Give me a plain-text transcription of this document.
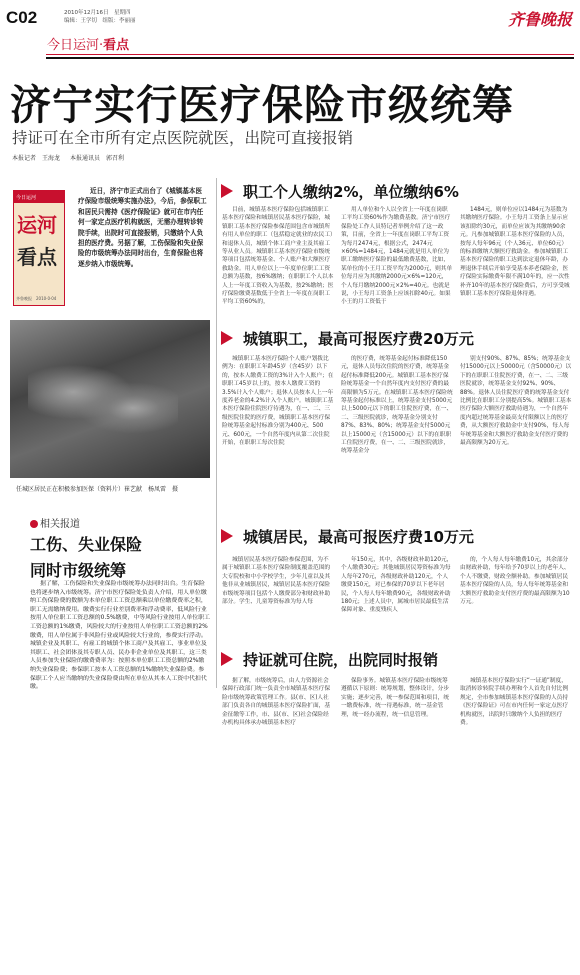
C02	2010年12月16日　星期四
编辑：王学切　组版：李丽丽	齐鲁晚报
今日运河·看点
济宁实行医疗保险市级统筹
持证可在全市所有定点医院就医，出院可直接报销
本报记者　王海龙 本报通讯员　郭召利
今日运河
运河
看点
齐鲁晚报　2010·0·04
近日，济宁市正式出台了《城镇基本医疗保险市级统筹实施办法》，今后，参保职工和居民只需持《医疗保险证》就可在市内任何一家定点医疗机构就医，无需办理转诊转院手续，出院时可直接报销，只缴纳个人负担的医疗费。另据了解，工伤保险和失业保险的市级统筹办法同时出台，生育保险也将逐步纳入市级统筹。
任城区居民正在积极参加医保（资料片）崔艺献　杨凤雷　摄
相关报道
工伤、失业保险
同时市级统筹
据了解，工伤保险和失业保险市级统筹办法同时出台。生育保险也将逐步纳入市级统筹。济宁市医疗保险处负责人介绍，用人单位缴纳工伤保险费的数额为本单位职工工资总额乘以单位缴费费率之积，职工无需缴纳费用。缴费实行行业差别费率和浮动费率，低风险行业按用人单位职工工资总额的0.5%缴费，中等风险行业按用人单位职工工资总额的1%缴费，风险较大的行业按用人单位职工工资总额的2%缴费，用人单位属于非风险行业或风险较大行业的，参费实行浮动。城镇企业及其职工、有雇工的城镇个体工商户及其雇工、事业单位及其职工、社会团体及其专职人员、民办非企业单位及其职工，这三类人员参加失业保险的缴费费率为：按照本单位职工工资总额的2%缴纳失业保险费；参保职工按本人工资总额的1%缴纳失业保险费。参保职工个人应当缴纳的失业保险费由所在单位从其本人工资中代扣代缴。
职工个人缴纳2%，单位缴纳6%
目前，城镇基本医疗保险包括城镇职工基本医疗保险和城镇居民基本医疗保险，城镇职工基本医疗保险参保范围包含市城镇所有用人单位的职工（包括稳定就业的农民工）和退休人员，城镇个体工商户业主及其雇工等从业人员。城镇职工基本医疗保险市级统筹项目包括统筹基金、个人账户和大额医疗救助金。用人单位以上一年度单位职工工资总额为基数，按6%缴纳；在职职工个人以本人上一年度工资收入为基数，按2%缴纳；医疗保险缴费基数低于全省上一年度在岗职工平均工资60%的，
用人单位和个人以全省上一年度在岗职工平均工资60%作为缴费基数。济宁市医疗保险处工作人员特记者举例介绍了这一政策，目前，全省上一年度在岗职工平均工资为每月2474元，根据公式，2474元×60%=1484元，1484元就是用人单位为职工缴纳医疗保险的最低缴费基数，比如，某单位的小王月工资平均为2000元，则其单位每月应为其缴纳2000元×6%=120元，个人每月缴纳2000元×2%=40元。也就是说，小王每月工资条上应该扣除40元。如果小王的月工资低于
1484元，则单位应以1484元为基数为其缴纳医疗保险。小王每月工资条上显示应该扣除约30元，而单位应该为其缴纳90余元。凡参加城镇职工基本医疗保险的人员，按每人每年96元（个人36元、单位60元）的标准缴纳大额医疗救助金。参加城镇职工基本医疗保险的职工达到法定退休年龄，办理退休手续后开始享受基本养老保险金，医疗保险实际缴费年限不满10年的，应一次性补齐10年的基本医疗保险费后，方可享受城镇职工基本医疗保险退休待遇。
城镇职工，最高可报医疗费20万元
城镇职工基本医疗保险个人账户划拨比例为：在职职工年龄45岁（含45岁）以下的，按本人缴费工资的3%计入个人账户；在职职工45岁以上的，按本人缴费工资的3.5%计入个人账户；退休人员按本人上一年度养老金的4.2%计入个人账户。城镇职工基本医疗保险住院医疗待遇为，在一、二、三级医院住院的医疗费，城镇职工基本医疗保险统筹基金起付标准分别为400元、500元、600元，一个自然年度内从第二次住院开始，在职职工每次住院
的医疗费，统筹基金起付标准降低150元，退休人员每次住院的医疗费，统筹基金起付标准降低200元。城镇职工基本医疗保险统筹基金一个自然年度内支付医疗费的最高限额为5万元。在城镇职工基本医疗保险统筹基金起付标准以上，统筹基金支付5000元以上5000元以下的职工住院医疗费，在一、二、三级医院就诊，统筹基金分别支付87%、83%、80%；统筹基金支付5000元以上15000元（含15000元）以下的在职职工住院医疗费，在一、二、三级医院就诊，统筹基金分
别支付90%、87%、85%；统筹基金支付15000元以上50000元（含50000元）以下的在职职工住院医疗费，在一、二、三级医院就诊，统筹基金支付92%、90%、88%。退休人员住院医疗费的统筹基金支付比例比在职职工分别提高5%。城镇职工基本医疗保险大额医疗救助待遇为，一个自然年度内超过统筹基金最高支付限额以上的医疗费，从大额医疗救助金中支付90%，每人每年统筹基金和大额医疗救助金支付医疗费的最高限额为20万元。
城镇居民，最高可报医疗费10万元
城镇居民基本医疗保险参保范围，为不属于城镇职工基本医疗保险制度覆盖范围的大专院校和中小学校学生，少年儿童以及其他非从业城镇居民，城镇居民基本医疗保险市级统筹项目包括个人缴费部分和财政补助部分。学生、儿童筹资标准为每人每
年150元，其中，各级财政补助120元，个人缴费30元；其他城镇居民筹资标准为每人每年270元，各级财政补助120元，个人缴费150元，对已参保的70岁以下老年居民，个人每人每年缴费90元，各级财政补助180元；上述人员中，属城市居民最低生活保障对象、重度残疾人
的，个人每人每年缴费10元，其余部分由财政补助，每年给予70岁以上的老年人、个人不缴费，财政全额补助。参加城镇居民基本医疗保险的人员，每人每年统筹基金和大额医疗救助金支付医疗费的最高限额为10万元。
持证就可住院，出院同时报销
据了解，市级统筹后，由人力资源社会保障行政部门统一负责全市城镇基本医疗保险市级统筹政策管理工作。县(市、区)人社部门负责各自的城镇基本医疗保险扩面，基金征缴等工作，市、县(市、区)社会保险经办机构具体承办城镇基本医疗
保险事务。城镇基本医疗保险市级统筹遵循以下原则：统筹规划，整体设计，分步实施；逐步完善，统一参保范围和项目，统一缴费标准，统一待遇标准，统一基金管理，统一经办流程，统一信息管理。
城镇基本医疗保险实行“一证通”制度，取消转诊转院手续办理和个人首先自付比例规定，全市参加城镇基本医疗保险的人员持《医疗保险证》可在市内任何一家定点医疗机构就医，出院时只缴纳个人负担的医疗费。
